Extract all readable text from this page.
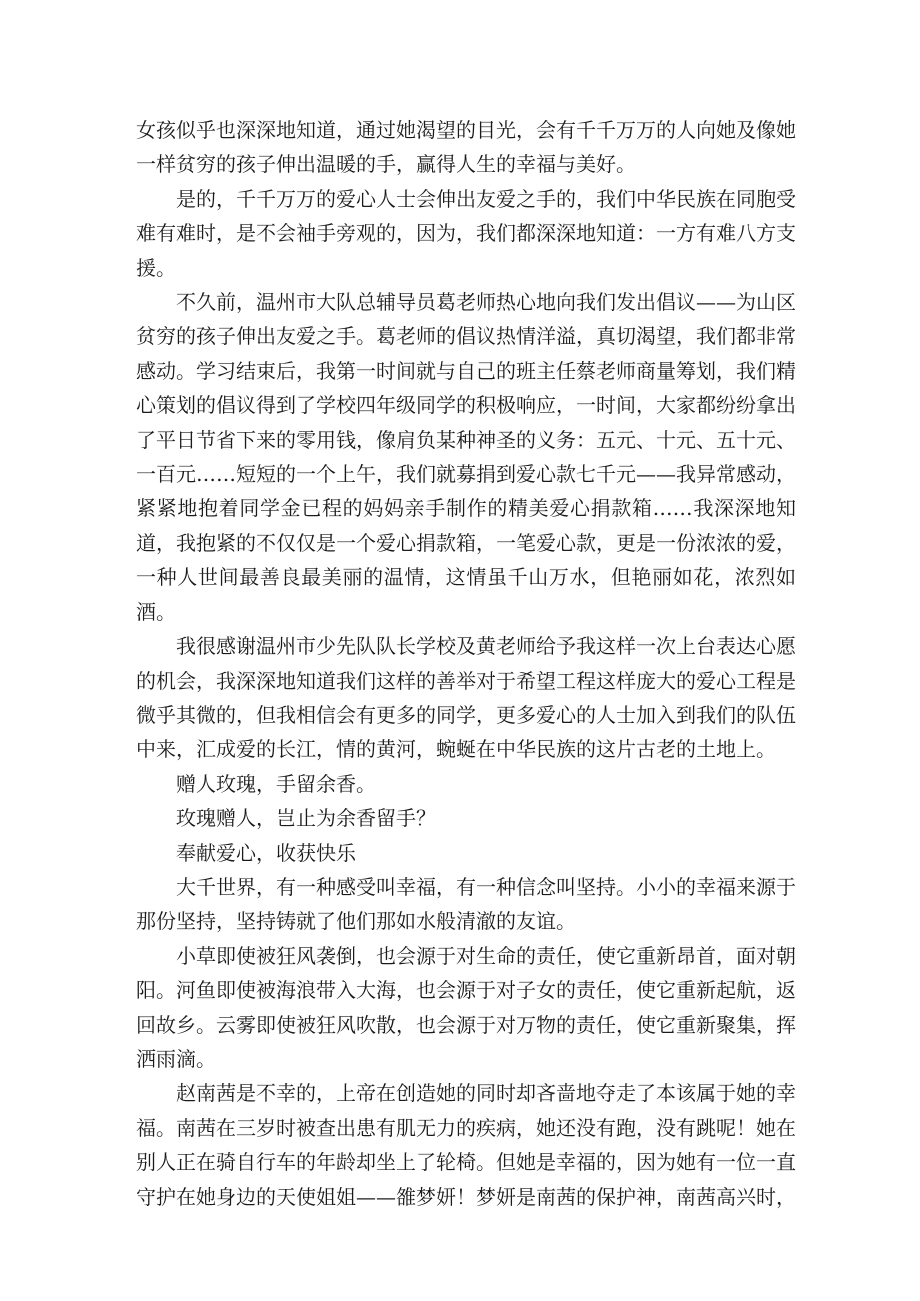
女孩似乎也深深地知道，通过她渴望的目光，会有千千万万的人向她及像她一样贫穷的孩子伸出温暖的手，赢得人生的幸福与美好。

是的，千千万万的爱心人士会伸出友爱之手的，我们中华民族在同胞受难有难时，是不会袖手旁观的，因为，我们都深深地知道：一方有难八方支援。

不久前，温州市大队总辅导员葛老师热心地向我们发出倡议——为山区贫穷的孩子伸出友爱之手。葛老师的倡议热情洋溢，真切渴望，我们都非常感动。学习结束后，我第一时间就与自己的班主任蔡老师商量筹划，我们精心策划的倡议得到了学校四年级同学的积极响应，一时间，大家都纷纷拿出了平日节省下来的零用钱，像肩负某种神圣的义务：五元、十元、五十元、一百元……短短的一个上午，我们就募捐到爱心款七千元——我异常感动，紧紧地抱着同学金已程的妈妈亲手制作的精美爱心捐款箱……我深深地知道，我抱紧的不仅仅是一个爱心捐款箱，一笔爱心款，更是一份浓浓的爱，一种人世间最善良最美丽的温情，这情虽千山万水，但艳丽如花，浓烈如酒。

我很感谢温州市少先队队长学校及黄老师给予我这样一次上台表达心愿的机会，我深深地知道我们这样的善举对于希望工程这样庞大的爱心工程是微乎其微的，但我相信会有更多的同学，更多爱心的人士加入到我们的队伍中来，汇成爱的长江，情的黄河，蜿蜒在中华民族的这片古老的土地上。

赠人玫瑰，手留余香。

玫瑰赠人，岂止为余香留手？

奉献爱心，收获快乐

大千世界，有一种感受叫幸福，有一种信念叫坚持。小小的幸福来源于那份坚持，坚持铸就了他们那如水般清澈的友谊。

小草即使被狂风袭倒，也会源于对生命的责任，使它重新昂首，面对朝阳。河鱼即使被海浪带入大海，也会源于对子女的责任，使它重新起航，返回故乡。云雾即使被狂风吹散，也会源于对万物的责任，使它重新聚集，挥洒雨滴。

赵南茜是不幸的，上帝在创造她的同时却吝啬地夺走了本该属于她的幸福。南茜在三岁时被查出患有肌无力的疾病，她还没有跑，没有跳呢！她在别人正在骑自行车的年龄却坐上了轮椅。但她是幸福的，因为她有一位一直守护在她身边的天使姐姐——雒梦妍！梦妍是南茜的保护神，南茜高兴时，
